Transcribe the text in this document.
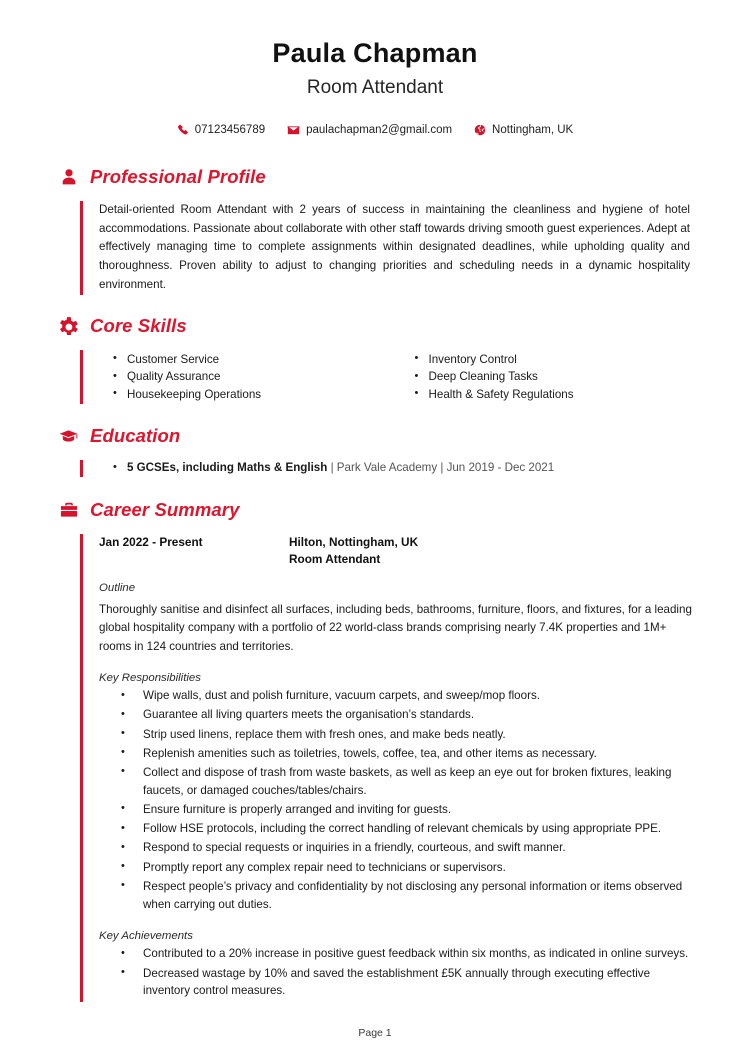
Paula Chapman
Room Attendant
07123456789	paulachapman2@gmail.com	Nottingham, UK
Professional Profile

Detail-oriented Room Attendant with 2 years of success in maintaining the cleanliness and hygiene of hotel accommodations. Passionate about collaborate with other staff towards driving smooth guest experiences. Adept at effectively managing time to complete assignments within designated deadlines, while upholding quality and thoroughness. Proven ability to adjust to changing priorities and scheduling needs in a dynamic hospitality environment.

Core Skills
• Customer Service
• Quality Assurance
• Housekeeping Operations
• Inventory Control
• Deep Cleaning Tasks
• Health & Safety Regulations
Education
• 5 GCSEs, including Maths & English | Park Vale Academy | Jun 2019 - Dec 2021
Career Summary
Jan 2022 - Present	Hilton, Nottingham, UK
Room Attendant
Outline

Thoroughly sanitise and disinfect all surfaces, including beds, bathrooms, furniture, floors, and fixtures, for a leading global hospitality company with a portfolio of 22 world-class brands comprising nearly 7.4K properties and 1M+ rooms in 124 countries and territories.

Key Responsibilities
• Wipe walls, dust and polish furniture, vacuum carpets, and sweep/mop floors.
• Guarantee all living quarters meets the organisation’s standards.
• Strip used linens, replace them with fresh ones, and make beds neatly.
• Replenish amenities such as toiletries, towels, coffee, tea, and other items as necessary.
• Collect and dispose of trash from waste baskets, as well as keep an eye out for broken fixtures, leaking faucets, or damaged couches/tables/chairs.
• Ensure furniture is properly arranged and inviting for guests.
• Follow HSE protocols, including the correct handling of relevant chemicals by using appropriate PPE.
• Respond to special requests or inquiries in a friendly, courteous, and swift manner.
• Promptly report any complex repair need to technicians or supervisors.
• Respect people’s privacy and confidentiality by not disclosing any personal information or items observed when carrying out duties.
Key Achievements
• Contributed to a 20% increase in positive guest feedback within six months, as indicated in online surveys.
• Decreased wastage by 10% and saved the establishment £5K annually through executing effective inventory control measures.
Page 1
